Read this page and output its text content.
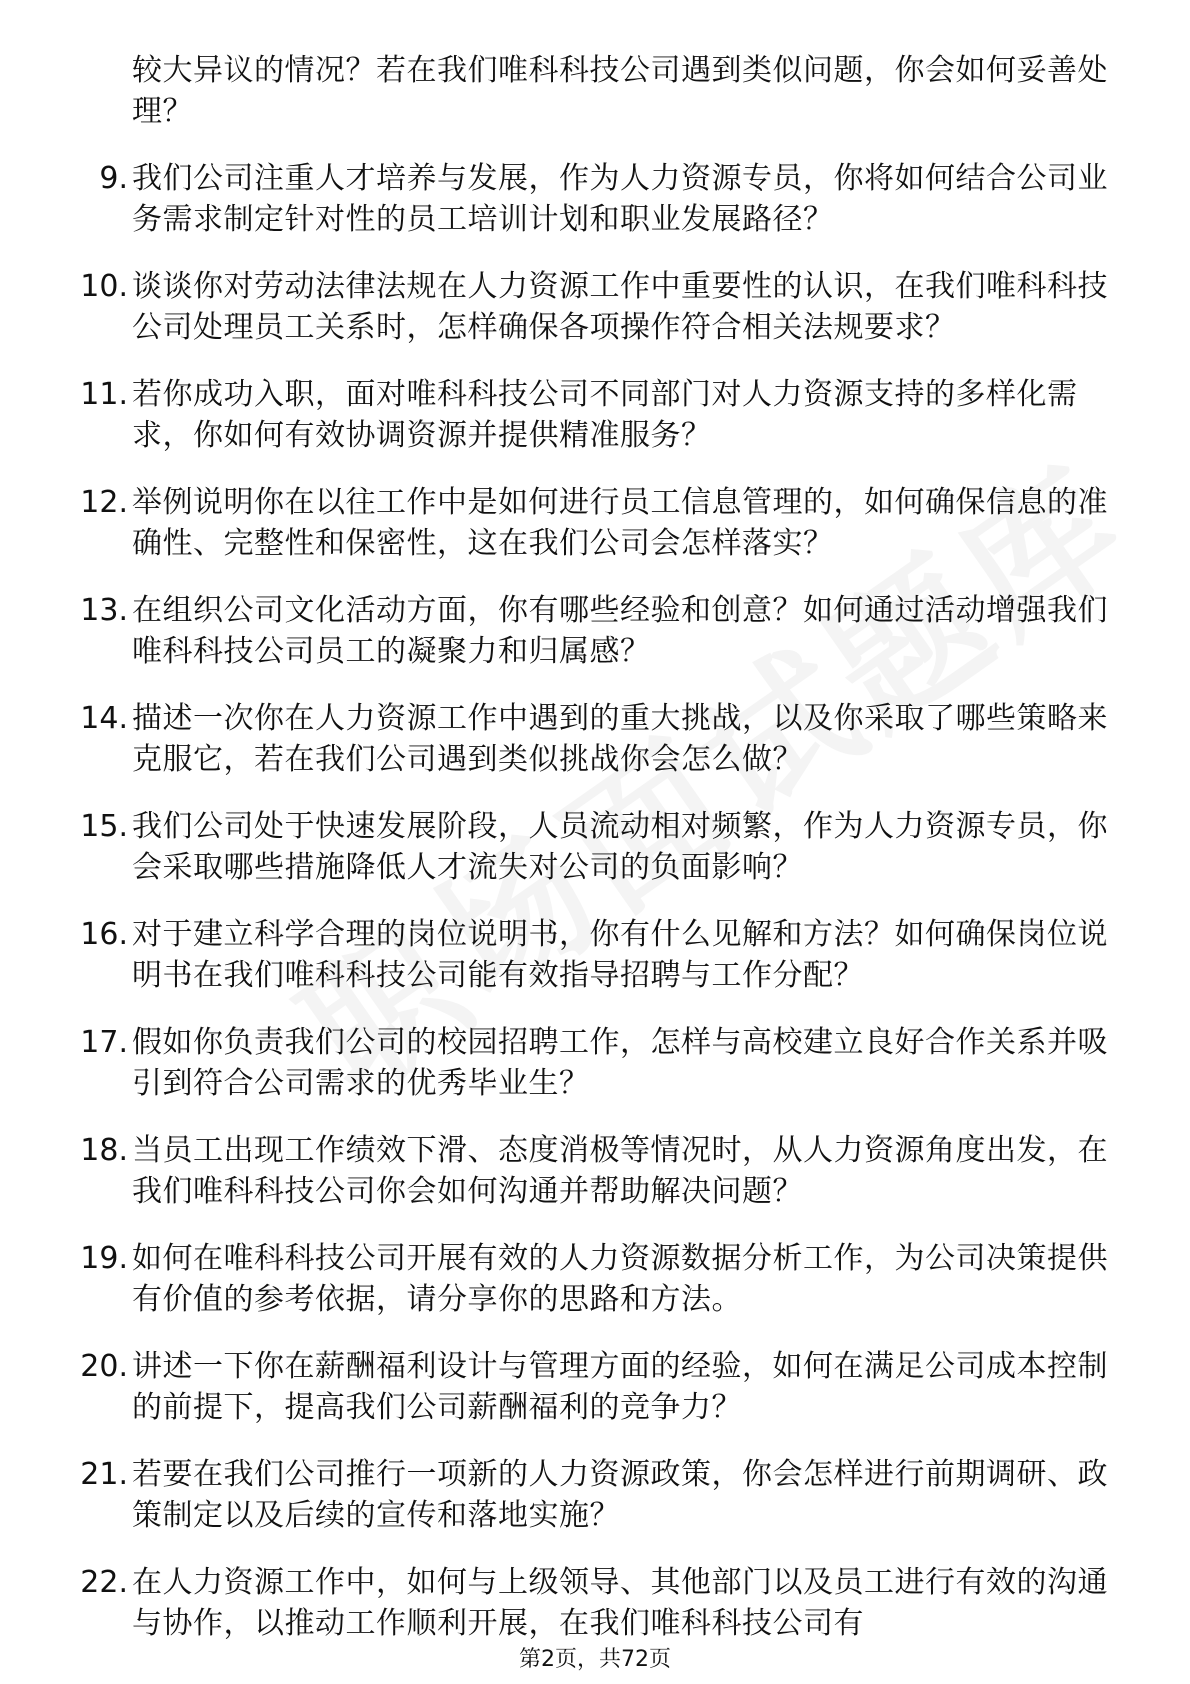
较大异议的情况？若在我们唯科科技公司遇到类似问题，你会如何妥善处理？
9. 我们公司注重人才培养与发展，作为人力资源专员，你将如何结合公司业务需求制定针对性的员工培训计划和职业发展路径？
10. 谈谈你对劳动法律法规在人力资源工作中重要性的认识，在我们唯科科技公司处理员工关系时，怎样确保各项操作符合相关法规要求？
11. 若你成功入职，面对唯科科技公司不同部门对人力资源支持的多样化需求，你如何有效协调资源并提供精准服务？
12. 举例说明你在以往工作中是如何进行员工信息管理的，如何确保信息的准确性、完整性和保密性，这在我们公司会怎样落实？
13. 在组织公司文化活动方面，你有哪些经验和创意？如何通过活动增强我们唯科科技公司员工的凝聚力和归属感？
14. 描述一次你在人力资源工作中遇到的重大挑战，以及你采取了哪些策略来克服它，若在我们公司遇到类似挑战你会怎么做？
15. 我们公司处于快速发展阶段，人员流动相对频繁，作为人力资源专员，你会采取哪些措施降低人才流失对公司的负面影响？
16. 对于建立科学合理的岗位说明书，你有什么见解和方法？如何确保岗位说明书在我们唯科科技公司能有效指导招聘与工作分配？
17. 假如你负责我们公司的校园招聘工作，怎样与高校建立良好合作关系并吸引到符合公司需求的优秀毕业生？
18. 当员工出现工作绩效下滑、态度消极等情况时，从人力资源角度出发，在我们唯科科技公司你会如何沟通并帮助解决问题？
19. 如何在唯科科技公司开展有效的人力资源数据分析工作，为公司决策提供有价值的参考依据，请分享你的思路和方法。
20. 讲述一下你在薪酬福利设计与管理方面的经验，如何在满足公司成本控制的前提下，提高我们公司薪酬福利的竞争力？
21. 若要在我们公司推行一项新的人力资源政策，你会怎样进行前期调研、政策制定以及后续的宣传和落地实施？
22. 在人力资源工作中，如何与上级领导、其他部门以及员工进行有效的沟通与协作，以推动工作顺利开展，在我们唯科科技公司有
第2页，共72页
